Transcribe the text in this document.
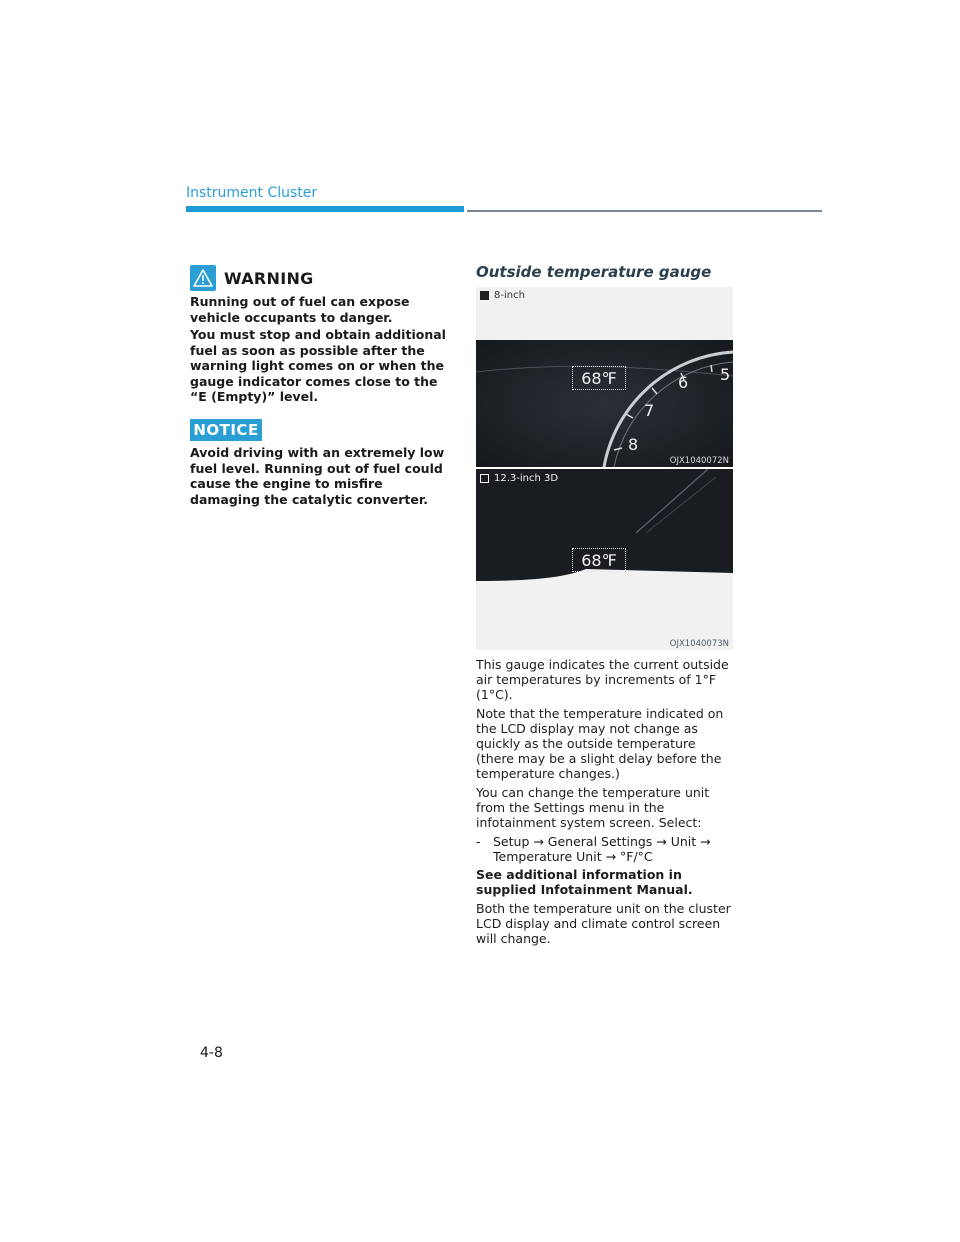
Instrument Cluster
WARNING

Running out of fuel can expose vehicle occupants to danger.

You must stop and obtain additional fuel as soon as possible after the warning light comes on or when the gauge indicator comes close to the “E (Empty)” level.

NOTICE

Avoid driving with an extremely low fuel level. Running out of fuel could cause the engine to misfire damaging the catalytic converter.

Outside temperature gauge
8-inch
68℉
8
7
6 5
OJX1040072N
12.3-inch 3D
68℉
OJX1040073N

This gauge indicates the current outside air temperatures by increments of 1°F (1°C).

Note that the temperature indicated on the LCD display may not change as quickly as the outside temperature (there may be a slight delay before the temperature changes.)

You can change the temperature unit from the Settings menu in the infotainment system screen. Select:

- Setup → General Settings → Unit → Temperature Unit → °F/°C

See additional information in supplied Infotainment Manual.

Both the temperature unit on the cluster LCD display and climate control screen will change.

4-8
